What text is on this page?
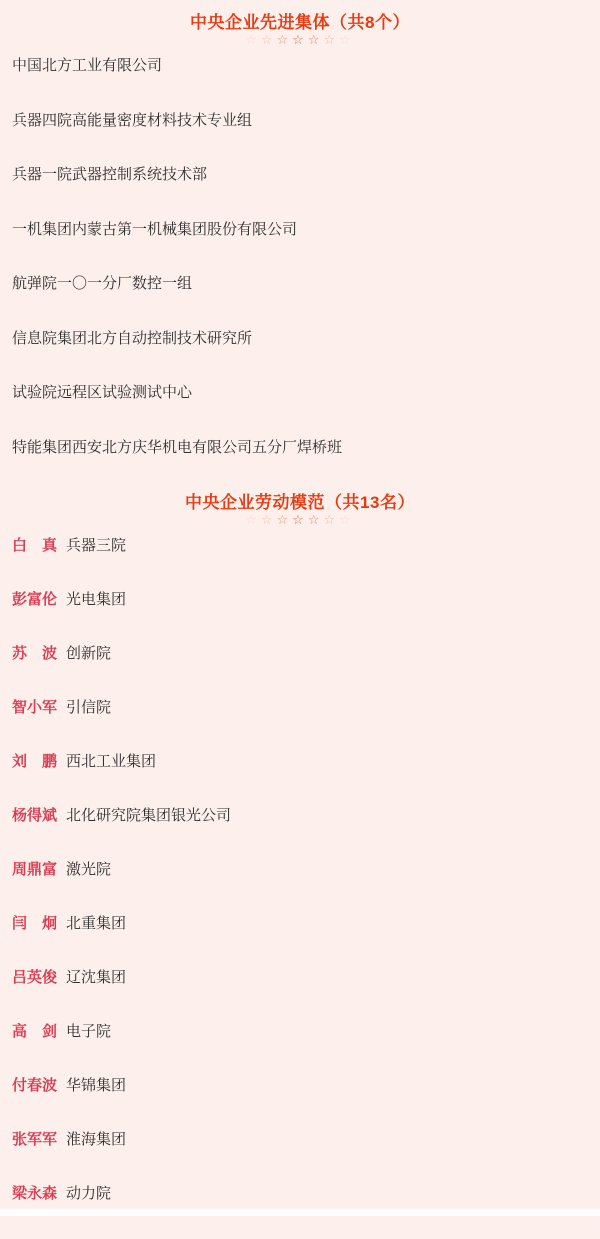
中央企业先进集体（共8个）
☆☆☆☆☆☆☆
中国北方工业有限公司
兵器四院高能量密度材料技术专业组
兵器一院武器控制系统技术部
一机集团内蒙古第一机械集团股份有限公司
航弹院一〇一分厂数控一组
信息院集团北方自动控制技术研究所
试验院远程区试验测试中心
特能集团西安北方庆华机电有限公司五分厂焊桥班
中央企业劳动模范（共13名）
☆☆☆☆☆☆☆
白　真 兵器三院
彭富伦 光电集团
苏　波 创新院
智小军 引信院
刘　鹏 西北工业集团
杨得斌 北化研究院集团银光公司
周鼎富 激光院
闫　炯 北重集团
吕英俊 辽沈集团
高　剑 电子院
付春波 华锦集团
张军军 淮海集团
梁永森 动力院
